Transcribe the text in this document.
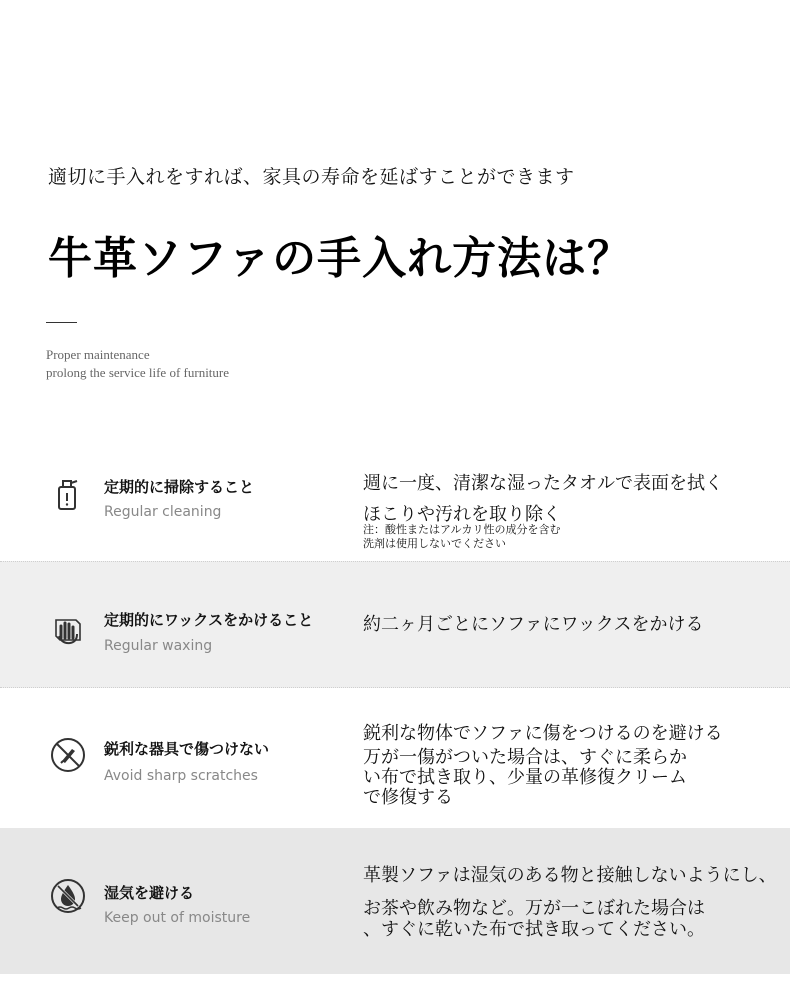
適切に手入れをすれば、家具の寿命を延ばすことができます
牛革ソファの手入れ方法は？
Proper maintenance
prolong the service life of furniture
定期的に掃除すること
Regular cleaning
週に一度、清潔な湿ったタオルで表面を拭く
ほこりや汚れを取り除く
注：酸性またはアルカリ性の成分を含む
洗剤は使用しないでください
定期的にワックスをかけること
Regular waxing
約二ヶ月ごとにソファにワックスをかける
鋭利な器具で傷つけない
Avoid sharp scratches
鋭利な物体でソファに傷をつけるのを避ける
万が一傷がついた場合は、すぐに柔らか
い布で拭き取り、少量の革修復クリーム
で修復する
湿気を避ける
Keep out of moisture
革製ソファは湿気のある物と接触しないようにし、
お茶や飲み物など。万が一こぼれた場合は
、すぐに乾いた布で拭き取ってください。
